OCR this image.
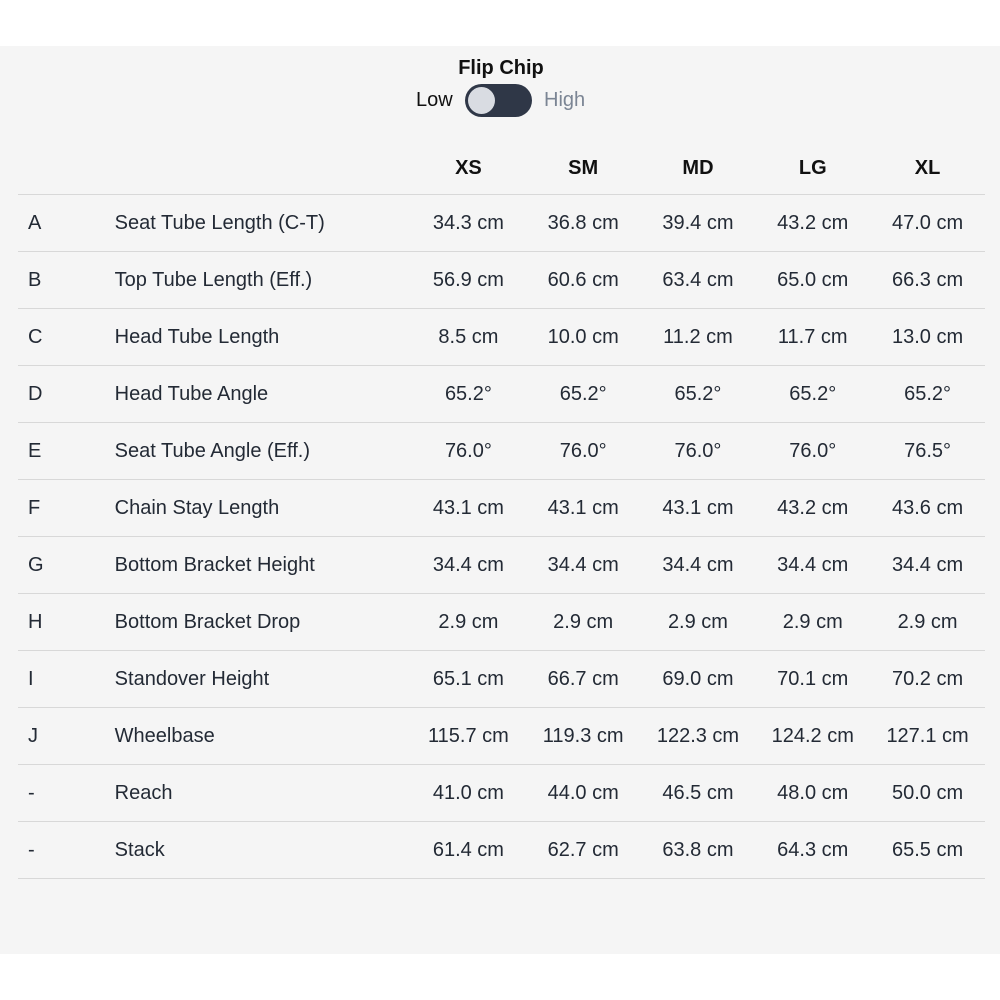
Flip Chip
Low	High
		XS	SM	MD	LG	XL
A	Seat Tube Length (C-T)	34.3 cm	36.8 cm	39.4 cm	43.2 cm	47.0 cm
B	Top Tube Length (Eff.)	56.9 cm	60.6 cm	63.4 cm	65.0 cm	66.3 cm
C	Head Tube Length	8.5 cm	10.0 cm	11.2 cm	11.7 cm	13.0 cm
D	Head Tube Angle	65.2°	65.2°	65.2°	65.2°	65.2°
E	Seat Tube Angle (Eff.)	76.0°	76.0°	76.0°	76.0°	76.5°
F	Chain Stay Length	43.1 cm	43.1 cm	43.1 cm	43.2 cm	43.6 cm
G	Bottom Bracket Height	34.4 cm	34.4 cm	34.4 cm	34.4 cm	34.4 cm
H	Bottom Bracket Drop	2.9 cm	2.9 cm	2.9 cm	2.9 cm	2.9 cm
I	Standover Height	65.1 cm	66.7 cm	69.0 cm	70.1 cm	70.2 cm
J	Wheelbase	115.7 cm	119.3 cm	122.3 cm	124.2 cm	127.1 cm
-	Reach	41.0 cm	44.0 cm	46.5 cm	48.0 cm	50.0 cm
-	Stack	61.4 cm	62.7 cm	63.8 cm	64.3 cm	65.5 cm
